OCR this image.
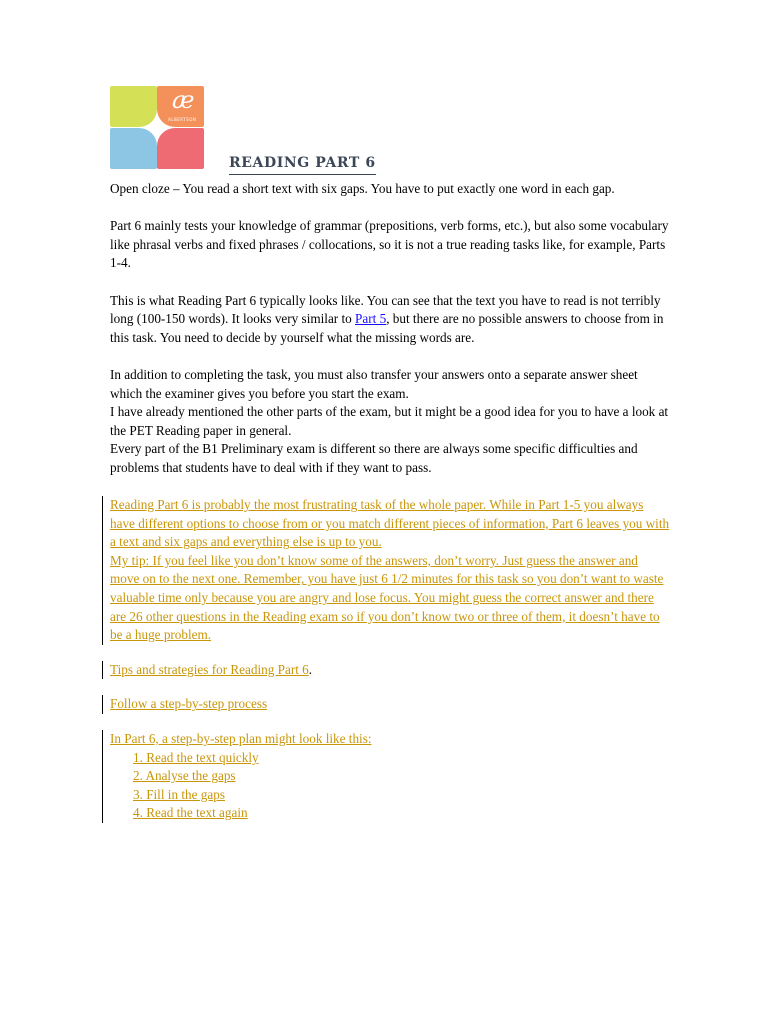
æ
ALBERTSON
READING PART 6

Open cloze – You read a short text with six gaps. You have to put exactly one word in each gap.

Part 6 mainly tests your knowledge of grammar (prepositions, verb forms, etc.), but also some vocabulary like phrasal verbs and fixed phrases / collocations, so it is not a true reading tasks like, for example, Parts 1-4.

This is what Reading Part 6 typically looks like. You can see that the text you have to read is not terribly long (100-150 words). It looks very similar to Part 5, but there are no possible answers to choose from in this task. You need to decide by yourself what the missing words are.

In addition to completing the task, you must also transfer your answers onto a separate answer sheet which the examiner gives you before you start the exam.

I have already mentioned the other parts of the exam, but it might be a good idea for you to have a look at the PET Reading paper in general.

Every part of the B1 Preliminary exam is different so there are always some specific difficulties and problems that students have to deal with if they want to pass.

Reading Part 6 is probably the most frustrating task of the whole paper. While in Part 1-5 you always have different options to choose from or you match different pieces of information, Part 6 leaves you with a text and six gaps and everything else is up to you.

My tip: If you feel like you don’t know some of the answers, don’t worry. Just guess the answer and move on to the next one. Remember, you have just 6 1/2 minutes for this task so you don’t want to waste valuable time only because you are angry and lose focus. You might guess the correct answer and there are 26 other questions in the Reading exam so if you don’t know two or three of them, it doesn’t have to be a huge problem.

Tips and strategies for Reading Part 6.

Follow a step-by-step process

In Part 6, a step-by-step plan might look like this:

1. Read the text quickly
2. Analyse the gaps
3. Fill in the gaps
4. Read the text again
